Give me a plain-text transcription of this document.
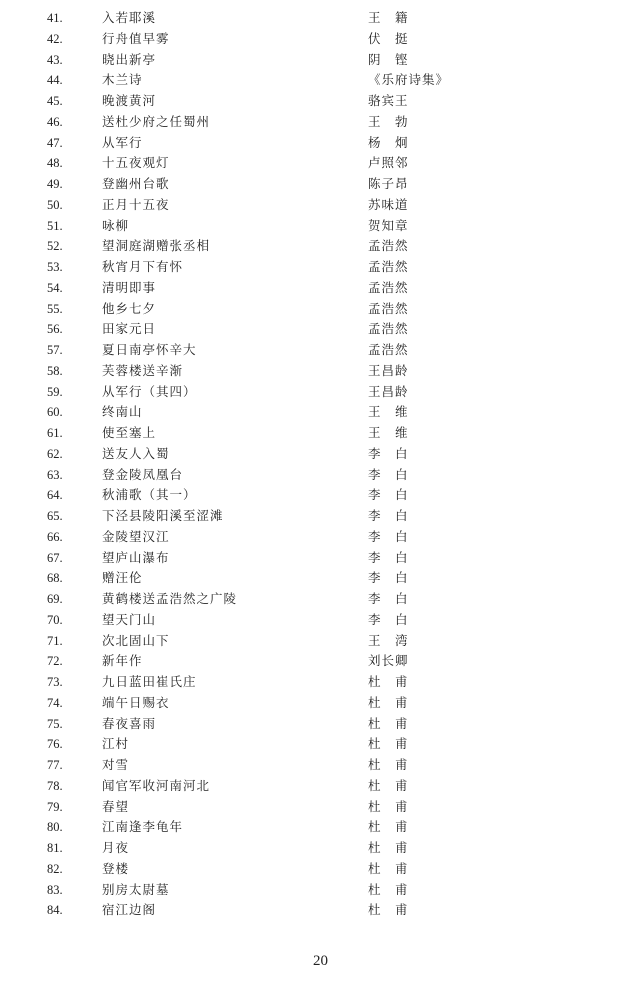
41.	入若耶溪	王　籍
42.	行舟值早雾	伏　挺
43.	晓出新亭	阴　铿
44.	木兰诗	《乐府诗集》
45.	晚渡黄河	骆宾王
46.	送杜少府之任蜀州	王　勃
47.	从军行	杨　炯
48.	十五夜观灯	卢照邻
49.	登幽州台歌	陈子昂
50.	正月十五夜	苏味道
51.	咏柳	贺知章
52.	望洞庭湖赠张丞相	孟浩然
53.	秋宵月下有怀	孟浩然
54.	清明即事	孟浩然
55.	他乡七夕	孟浩然
56.	田家元日	孟浩然
57.	夏日南亭怀辛大	孟浩然
58.	芙蓉楼送辛渐	王昌龄
59.	从军行（其四）	王昌龄
60.	终南山	王　维
61.	使至塞上	王　维
62.	送友人入蜀	李　白
63.	登金陵凤凰台	李　白
64.	秋浦歌（其一）	李　白
65.	下泾县陵阳溪至涩滩	李　白
66.	金陵望汉江	李　白
67.	望庐山瀑布	李　白
68.	赠汪伦	李　白
69.	黄鹤楼送孟浩然之广陵	李　白
70.	望天门山	李　白
71.	次北固山下	王　湾
72.	新年作	刘长卿
73.	九日蓝田崔氏庄	杜　甫
74.	端午日赐衣	杜　甫
75.	春夜喜雨	杜　甫
76.	江村	杜　甫
77.	对雪	杜　甫
78.	闻官军收河南河北	杜　甫
79.	春望	杜　甫
80.	江南逢李龟年	杜　甫
81.	月夜	杜　甫
82.	登楼	杜　甫
83.	别房太尉墓	杜　甫
84.	宿江边阁	杜　甫
20
